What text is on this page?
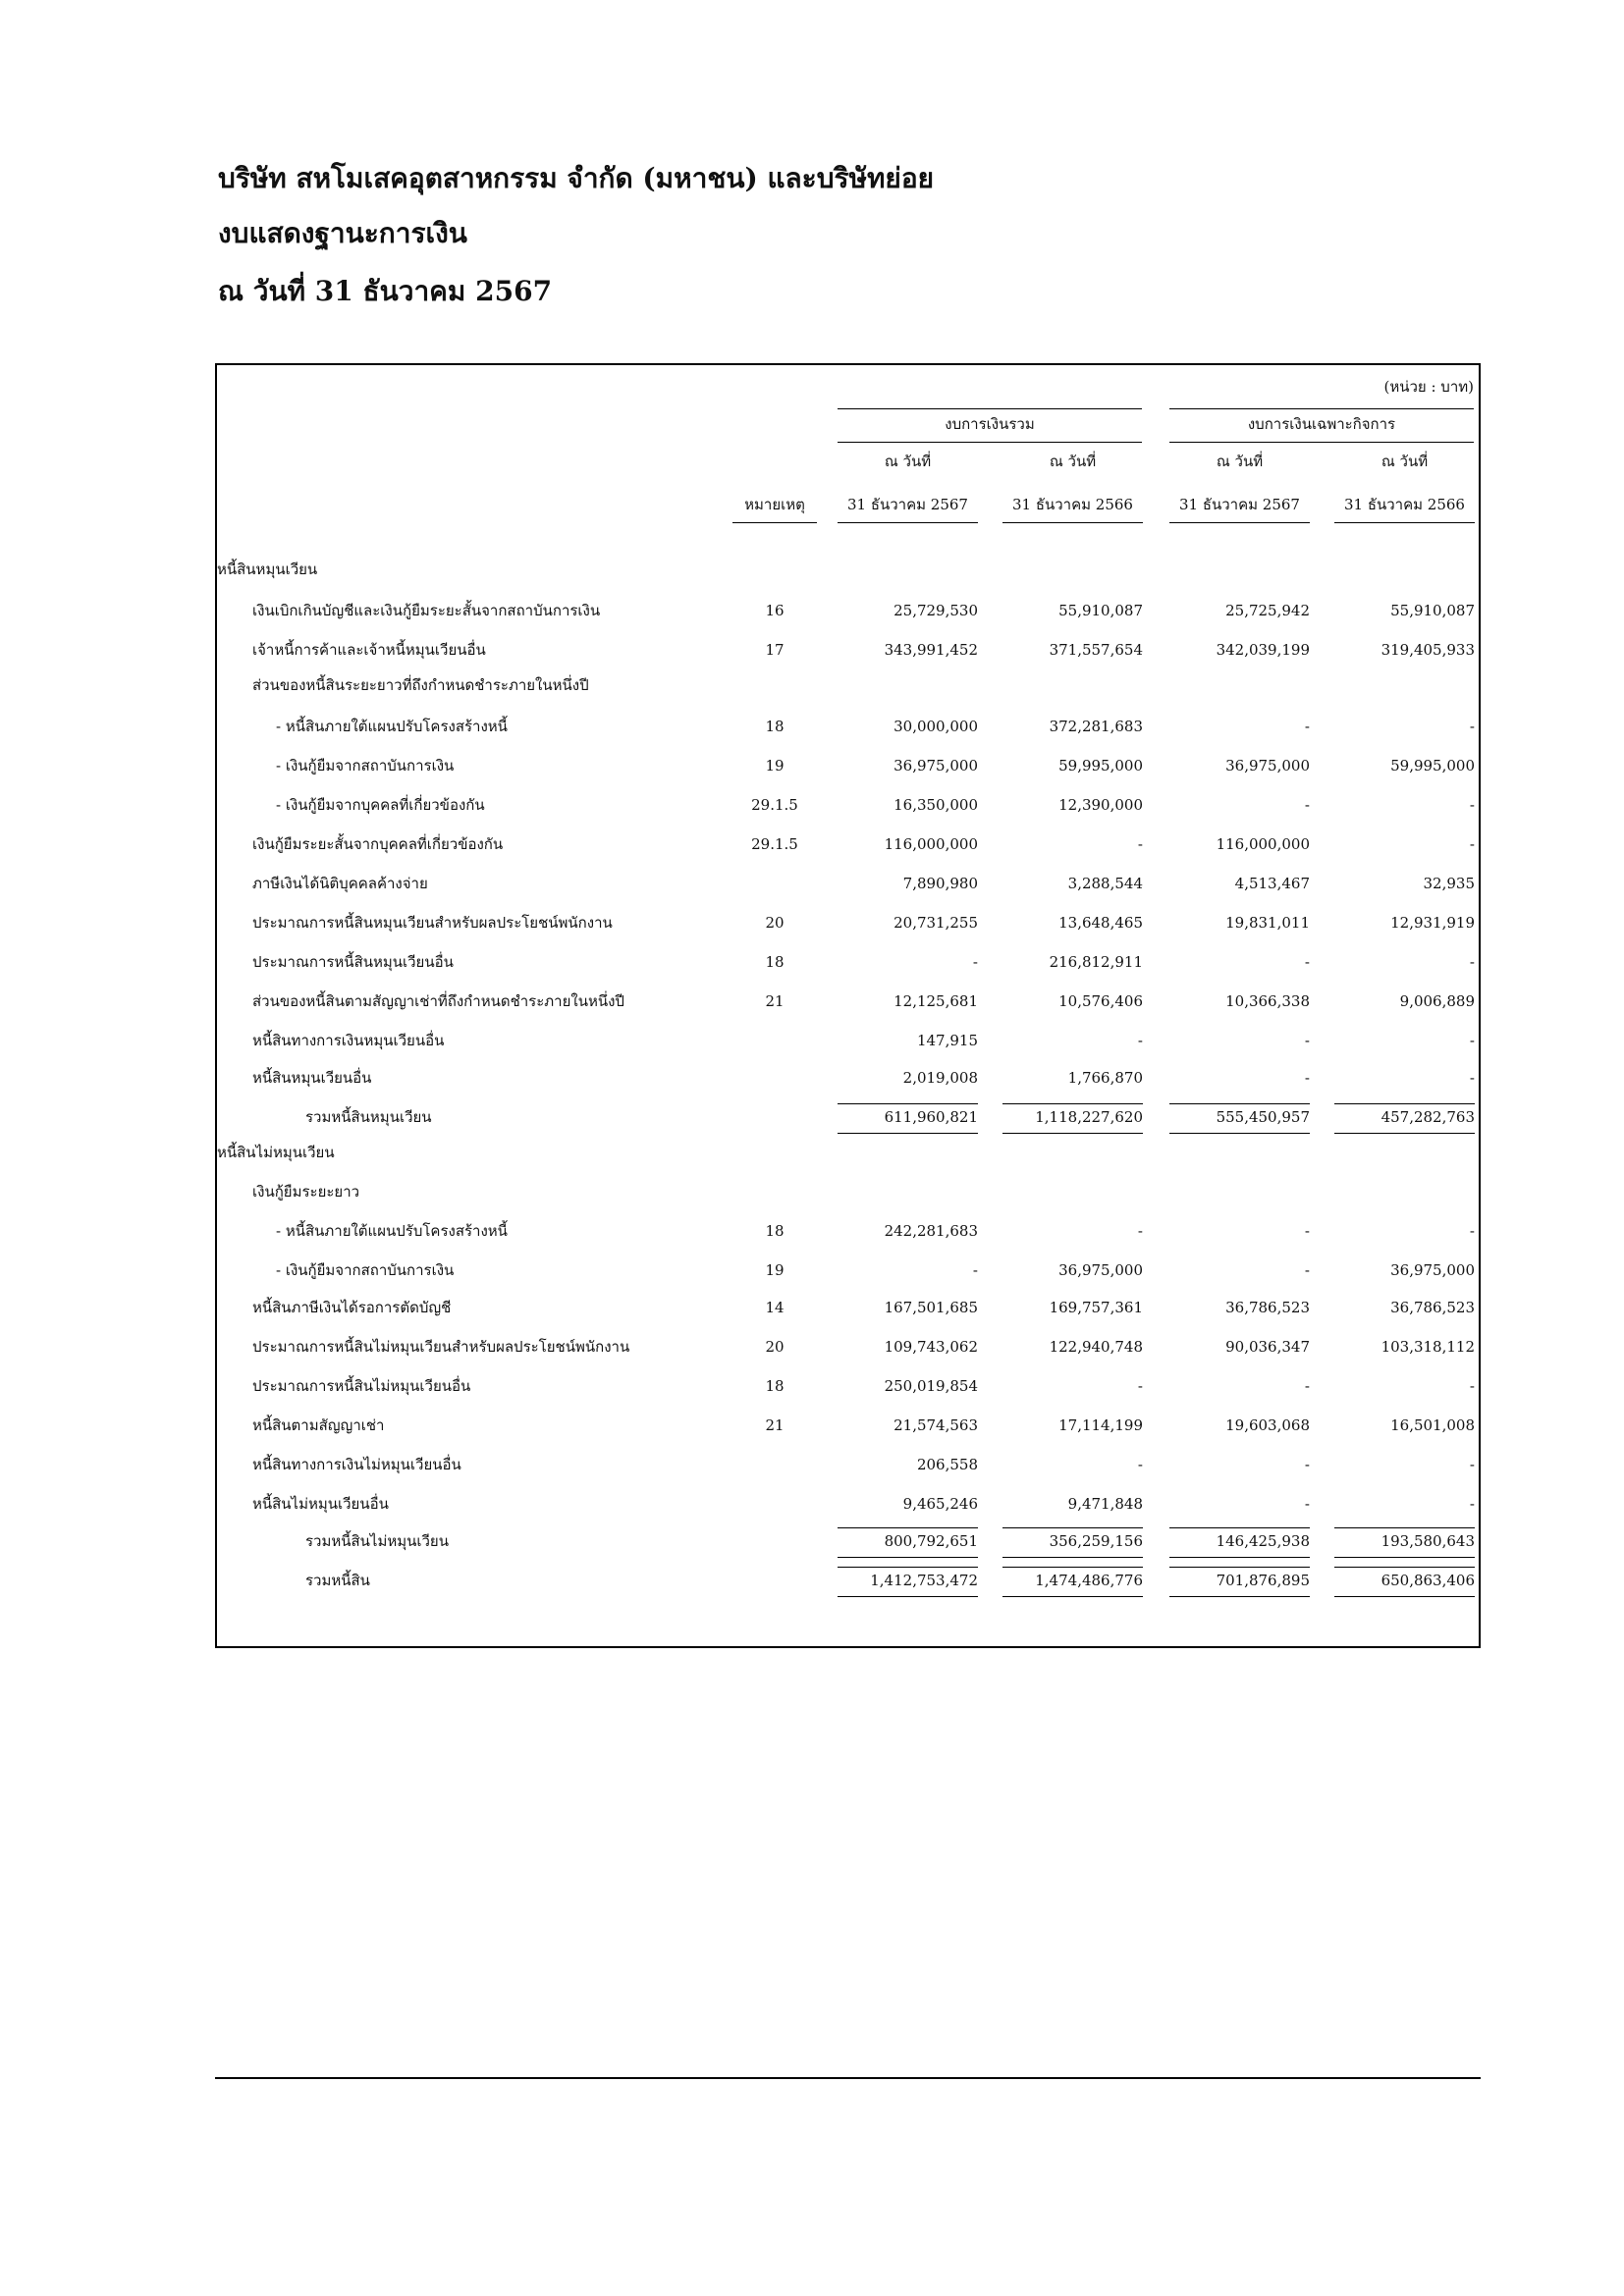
บริษัท สหโมเสคอุตสาหกรรม จำกัด (มหาชน) และบริษัทย่อย
งบแสดงฐานะการเงิน
ณ วันที่ 31 ธันวาคม 2567
(หน่วย : บาท)
งบการเงินรวม	งบการเงินเฉพาะกิจการ
ณ วันที่	ณ วันที่	ณ วันที่	ณ วันที่
หมายเหตุ	31 ธันวาคม 2567	31 ธันวาคม 2566	31 ธันวาคม 2567	31 ธันวาคม 2566
หนี้สินหมุนเวียน
เงินเบิกเกินบัญชีและเงินกู้ยืมระยะสั้นจากสถาบันการเงิน	16	25,729,530	55,910,087	25,725,942	55,910,087
เจ้าหนี้การค้าและเจ้าหนี้หมุนเวียนอื่น	17	343,991,452	371,557,654	342,039,199	319,405,933
ส่วนของหนี้สินระยะยาวที่ถึงกำหนดชำระภายในหนึ่งปี
- หนี้สินภายใต้แผนปรับโครงสร้างหนี้	18	30,000,000	372,281,683	-	-
- เงินกู้ยืมจากสถาบันการเงิน	19	36,975,000	59,995,000	36,975,000	59,995,000
- เงินกู้ยืมจากบุคคลที่เกี่ยวข้องกัน	29.1.5	16,350,000	12,390,000	-	-
เงินกู้ยืมระยะสั้นจากบุคคลที่เกี่ยวข้องกัน	29.1.5	116,000,000	-	116,000,000	-
ภาษีเงินได้นิติบุคคลค้างจ่าย	7,890,980	3,288,544	4,513,467	32,935
ประมาณการหนี้สินหมุนเวียนสำหรับผลประโยชน์พนักงาน	20	20,731,255	13,648,465	19,831,011	12,931,919
ประมาณการหนี้สินหมุนเวียนอื่น	18	-	216,812,911	-	-
ส่วนของหนี้สินตามสัญญาเช่าที่ถึงกำหนดชำระภายในหนึ่งปี	21	12,125,681	10,576,406	10,366,338	9,006,889
หนี้สินทางการเงินหมุนเวียนอื่น	147,915	-	-	-
หนี้สินหมุนเวียนอื่น	2,019,008	1,766,870	-	-
รวมหนี้สินหมุนเวียน	611,960,821	1,118,227,620	555,450,957	457,282,763
หนี้สินไม่หมุนเวียน
เงินกู้ยืมระยะยาว
- หนี้สินภายใต้แผนปรับโครงสร้างหนี้	18	242,281,683	-	-	-
- เงินกู้ยืมจากสถาบันการเงิน	19	-	36,975,000	-	36,975,000
หนี้สินภาษีเงินได้รอการตัดบัญชี	14	167,501,685	169,757,361	36,786,523	36,786,523
ประมาณการหนี้สินไม่หมุนเวียนสำหรับผลประโยชน์พนักงาน	20	109,743,062	122,940,748	90,036,347	103,318,112
ประมาณการหนี้สินไม่หมุนเวียนอื่น	18	250,019,854	-	-	-
หนี้สินตามสัญญาเช่า	21	21,574,563	17,114,199	19,603,068	16,501,008
หนี้สินทางการเงินไม่หมุนเวียนอื่น	206,558	-	-	-
หนี้สินไม่หมุนเวียนอื่น	9,465,246	9,471,848	-	-
รวมหนี้สินไม่หมุนเวียน	800,792,651	356,259,156	146,425,938	193,580,643
รวมหนี้สิน	1,412,753,472	1,474,486,776	701,876,895	650,863,406
